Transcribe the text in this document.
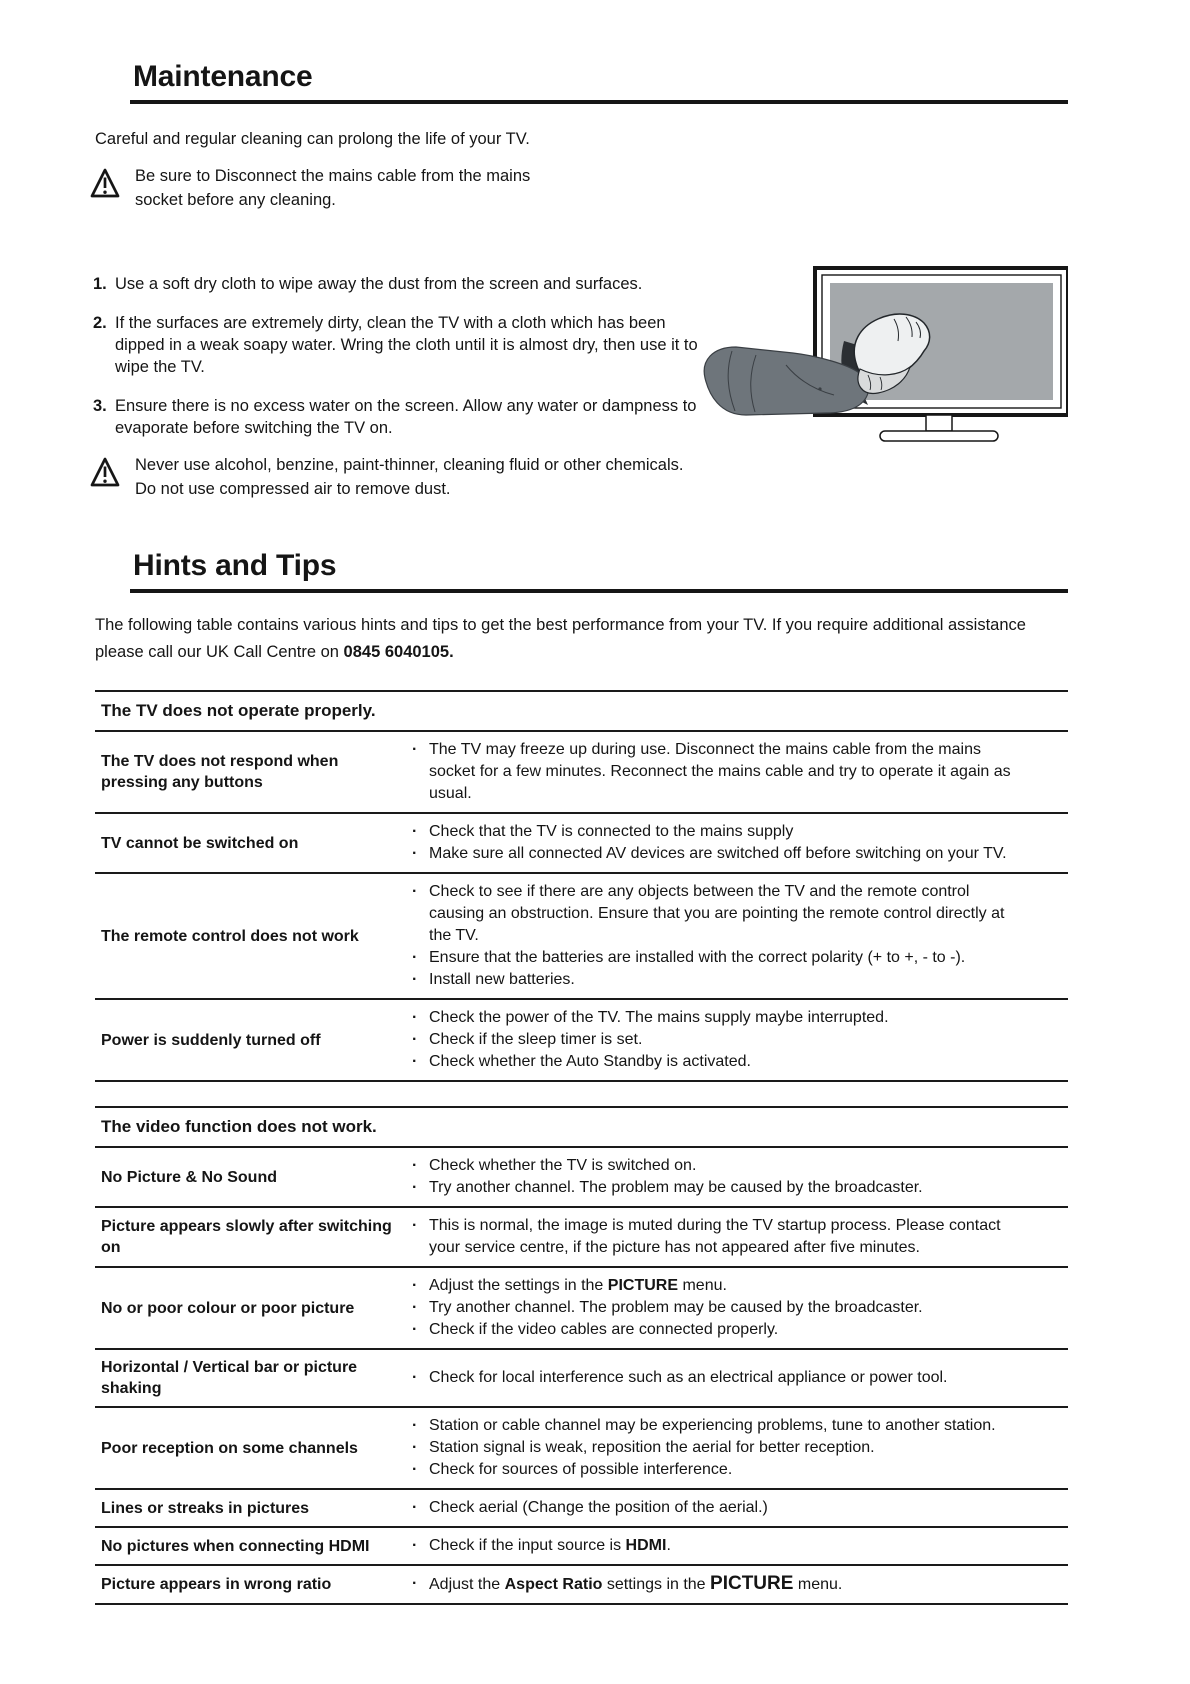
Maintenance

Careful and regular cleaning can prolong the life of your TV.

Be sure to Disconnect the mains cable from the mains
socket before any cleaning.
1. Use a soft dry cloth to wipe away the dust from the screen and surfaces.
2. If the surfaces are extremely dirty, clean the TV with a cloth which has been dipped in a weak soapy water. Wring the cloth until it is almost dry, then use it to wipe the TV.
3. Ensure there is no excess water on the screen. Allow any water or dampness to evaporate before switching the TV on.
Never use alcohol, benzine, paint-thinner, cleaning fluid or other chemicals.
Do not use compressed air to remove dust.
Hints and Tips
The following table contains various hints and tips to get the best performance from your TV. If you require additional assistance
please call our UK Call Centre on 0845 6040105.
The TV does not operate properly.
The TV does not respond when pressing any buttons
· The TV may freeze up during use. Disconnect the mains cable from the mains socket for a few minutes. Reconnect the mains cable and try to operate it again as usual.
TV cannot be switched on
· Check that the TV is connected to the mains supply
· Make sure all connected AV devices are switched off before switching on your TV.
The remote control does not work
· Check to see if there are any objects between the TV and the remote control causing an obstruction. Ensure that you are pointing the remote control directly at the TV.
· Ensure that the batteries are installed with the correct polarity (+ to +, - to -).
· Install new batteries.
Power is suddenly turned off
· Check the power of the TV. The mains supply maybe interrupted.
· Check if the sleep timer is set.
· Check whether the Auto Standby is activated.
The video function does not work.
No Picture & No Sound
· Check whether the TV is switched on.
· Try another channel. The problem may be caused by the broadcaster.
Picture appears slowly after switching on
· This is normal, the image is muted during the TV startup process. Please contact your service centre, if the picture has not appeared after five minutes.
No or poor colour or poor picture
· Adjust the settings in the PICTURE menu.
· Try another channel. The problem may be caused by the broadcaster.
· Check if the video cables are connected properly.
Horizontal / Vertical bar or picture shaking
· Check for local interference such as an electrical appliance or power tool.
Poor reception on some channels
· Station or cable channel may be experiencing problems, tune to another station.
· Station signal is weak, reposition the aerial for better reception.
· Check for sources of possible interference.
Lines or streaks in pictures	· Check aerial (Change the position of the aerial.)
No pictures when connecting HDMI	· Check if the input source is HDMI.
Picture appears in wrong ratio	· Adjust the Aspect Ratio settings in the PICTURE menu.
